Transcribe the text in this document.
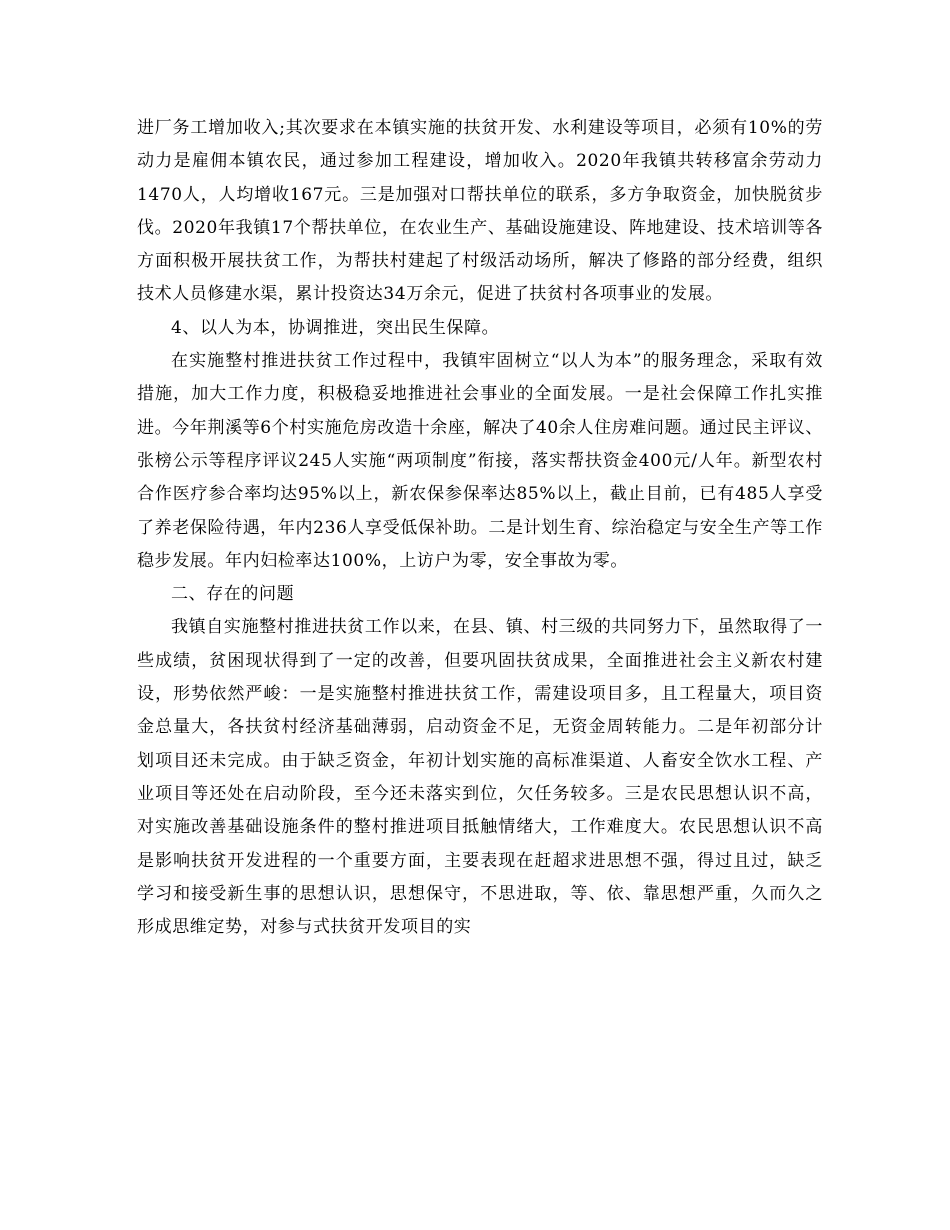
进厂务工增加收入;其次要求在本镇实施的扶贫开发、水利建设等项目，必须有10%的劳动力是雇佣本镇农民，通过参加工程建设，增加收入。2020年我镇共转移富余劳动力1470人，人均增收167元。三是加强对口帮扶单位的联系，多方争取资金，加快脱贫步伐。2020年我镇17个帮扶单位，在农业生产、基础设施建设、阵地建设、技术培训等各方面积极开展扶贫工作，为帮扶村建起了村级活动场所，解决了修路的部分经费，组织技术人员修建水渠，累计投资达34万余元，促进了扶贫村各项事业的发展。

4、以人为本，协调推进，突出民生保障。

在实施整村推进扶贫工作过程中，我镇牢固树立“以人为本”的服务理念，采取有效措施，加大工作力度，积极稳妥地推进社会事业的全面发展。一是社会保障工作扎实推进。今年荆溪等6个村实施危房改造十余座，解决了40余人住房难问题。通过民主评议、张榜公示等程序评议245人实施“两项制度”衔接，落实帮扶资金400元/人年。新型农村合作医疗参合率均达95%以上，新农保参保率达85%以上，截止目前，已有485人享受了养老保险待遇，年内236人享受低保补助。二是计划生育、综治稳定与安全生产等工作稳步发展。年内妇检率达100%，上访户为零，安全事故为零。

二、存在的问题

我镇自实施整村推进扶贫工作以来，在县、镇、村三级的共同努力下，虽然取得了一些成绩，贫困现状得到了一定的改善，但要巩固扶贫成果，全面推进社会主义新农村建设，形势依然严峻：一是实施整村推进扶贫工作，需建设项目多，且工程量大，项目资金总量大，各扶贫村经济基础薄弱，启动资金不足，无资金周转能力。二是年初部分计划项目还未完成。由于缺乏资金，年初计划实施的高标准渠道、人畜安全饮水工程、产业项目等还处在启动阶段，至今还未落实到位，欠任务较多。三是农民思想认识不高，对实施改善基础设施条件的整村推进项目抵触情绪大，工作难度大。农民思想认识不高是影响扶贫开发进程的一个重要方面，主要表现在赶超求进思想不强，得过且过，缺乏学习和接受新生事的思想认识，思想保守，不思进取，等、依、靠思想严重，久而久之形成思维定势，对参与式扶贫开发项目的实
